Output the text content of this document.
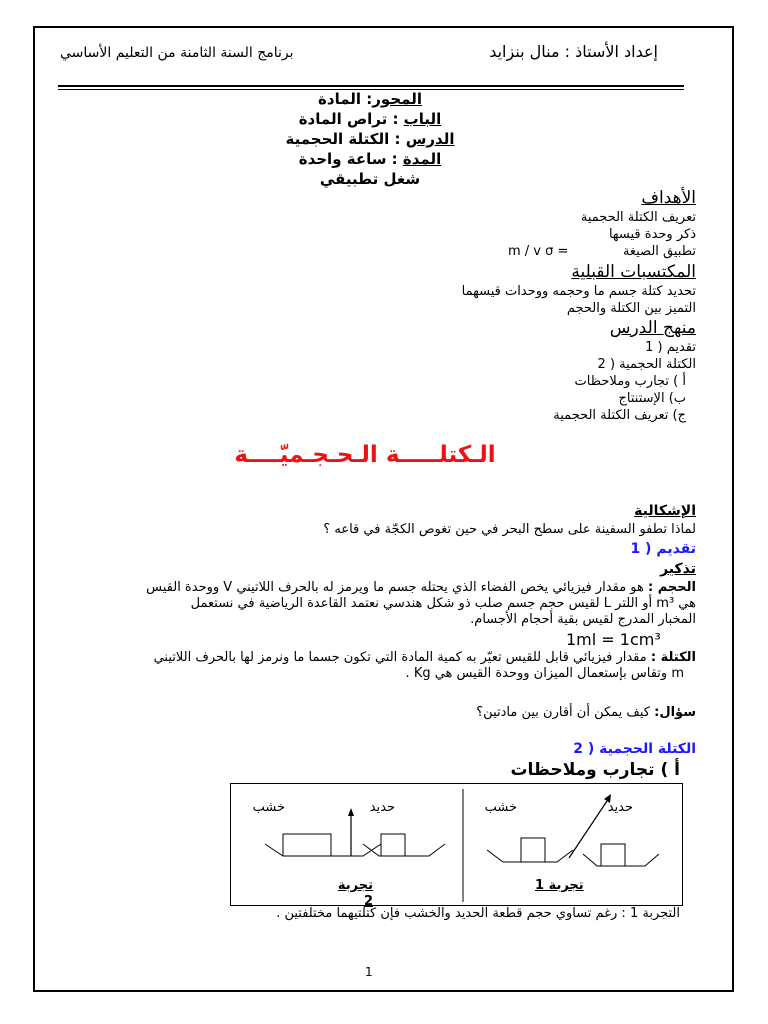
برنامج السنة الثامنة من التعليم الأساسي	إعداد الأستاذ : منال بنزايد
المحور: المادة
الباب : تراص المادة
الدرس : الكتلة الحجمية
المدة : ساعة واحدة
شغل تطبيقي
الأهداف
تعريف الكتلة الحجمية
ذكر وحدة قيسها
تطبيق الصيغة
m / v σ =
المكتسبات القبلية
تحديد كتلة جسم ما وحجمه ووحدات قيسهما
التميز بين الكتلة والحجم
منهج الدرس
تقديم ( 1
الكتلة الحجمية ( 2
أ ) تجارب وملاحظات
ب) الإستنتاج
ج) تعريف الكتلة الحجمية
الـكتلـــــة الـحـجـميّــــة
الإشكالية
لماذا تطفو السفينة على سطح البحر في حين تغوص الكجّة في قاعه ؟
تقديم ( 1
تذكير
الحجم : هو مقدار فيزيائي يخص الفضاء الذي يحتله جسم ما ويرمز له بالحرف اللاتيني V ووحدة القيس
هي m³ أو اللتر L لقيس حجم جسم صلب ذو شكل هندسي نعتمد القاعدة الرياضية في نستعمل
المخبار المدرج لقيس بقية أحجام الأجسام.
1ml = 1cm³
الكتلة : مقدار فيزيائي قابل للقيس تعيّر به كمية المادة التي تكون جسما ما ونرمز لها بالحرف اللاتيني
m وتقاس بإستعمال الميزان ووحدة القيس هي Kg .
سؤال: كيف يمكن أن أقارن بين مادتين؟
الكتلة الحجمية ( 2
أ ) تجارب وملاحظات
خشب	حديد
تجربة 2
خشب	حديد
تجربة 1
التجربة 1 : رغم تساوي حجم قطعة الحديد والخشب فإن كتلتيهما مختلفتين .
1
